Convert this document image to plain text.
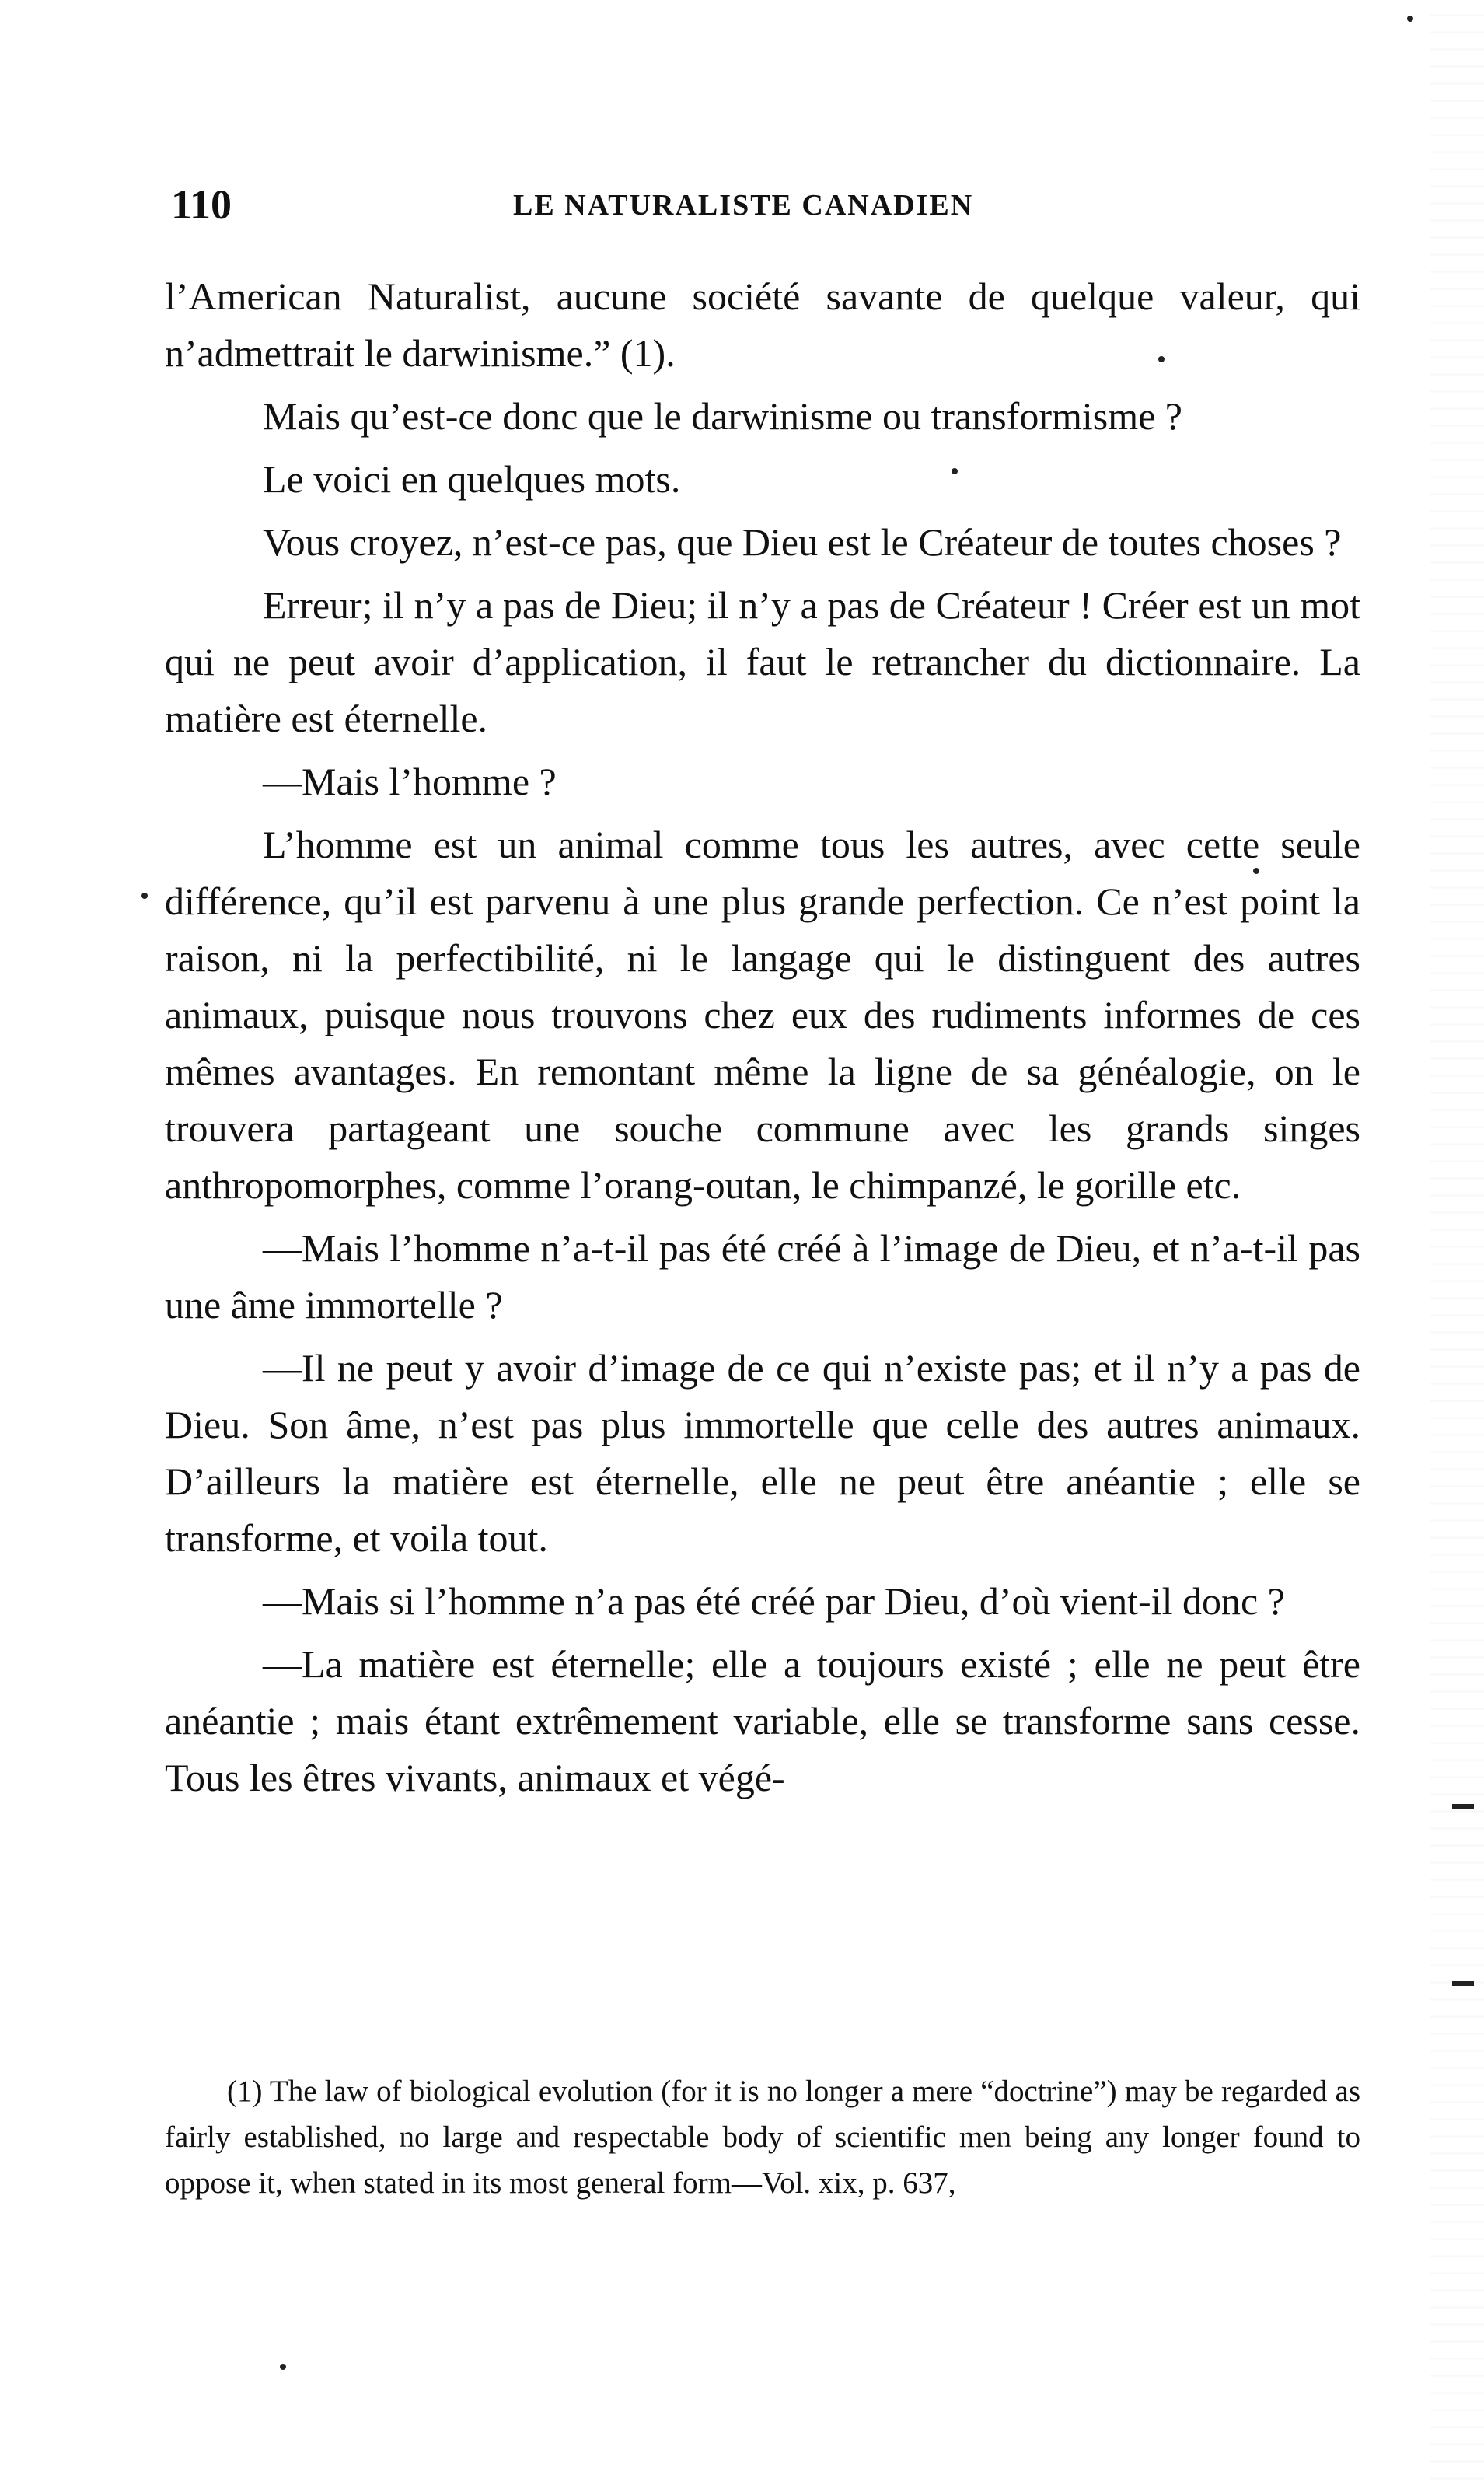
110	LE NATURALISTE CANADIEN

l’American Naturalist, aucune société savante de quelque valeur, qui n’admettrait le darwinisme.” (1).

Mais qu’est-ce donc que le darwinisme ou transformisme ?

Le voici en quelques mots.

Vous croyez, n’est-ce pas, que Dieu est le Créateur de toutes choses ?

Erreur; il n’y a pas de Dieu; il n’y a pas de Créateur ! Créer est un mot qui ne peut avoir d’application, il faut le retrancher du dictionnaire. La matière est éternelle.

—Mais l’homme ?

L’homme est un animal comme tous les autres, avec cette seule différence, qu’il est parvenu à une plus grande perfection. Ce n’est point la raison, ni la perfectibilité, ni le langage qui le distinguent des autres animaux, puisque nous trouvons chez eux des rudiments informes de ces mêmes avantages. En remontant même la ligne de sa généalogie, on le trouvera partageant une souche commune avec les grands singes anthropomorphes, comme l’orang-outan, le chimpanzé, le gorille etc.

—Mais l’homme n’a-t-il pas été créé à l’image de Dieu, et n’a-t-il pas une âme immortelle ?

—Il ne peut y avoir d’image de ce qui n’existe pas; et il n’y a pas de Dieu. Son âme, n’est pas plus immortelle que celle des autres animaux. D’ailleurs la matière est éternelle, elle ne peut être anéantie ; elle se transforme, et voila tout.

—Mais si l’homme n’a pas été créé par Dieu, d’où vient-il donc ?

—La matière est éternelle; elle a toujours existé ; elle ne peut être anéantie ; mais étant extrêmement variable, elle se transforme sans cesse. Tous les êtres vivants, animaux et végé-

(1) The law of biological evolution (for it is no longer a mere “doctrine”) may be regarded as fairly established, no large and respectable body of scientific men being any longer found to oppose it, when stated in its most general form—Vol. xix, p. 637,
